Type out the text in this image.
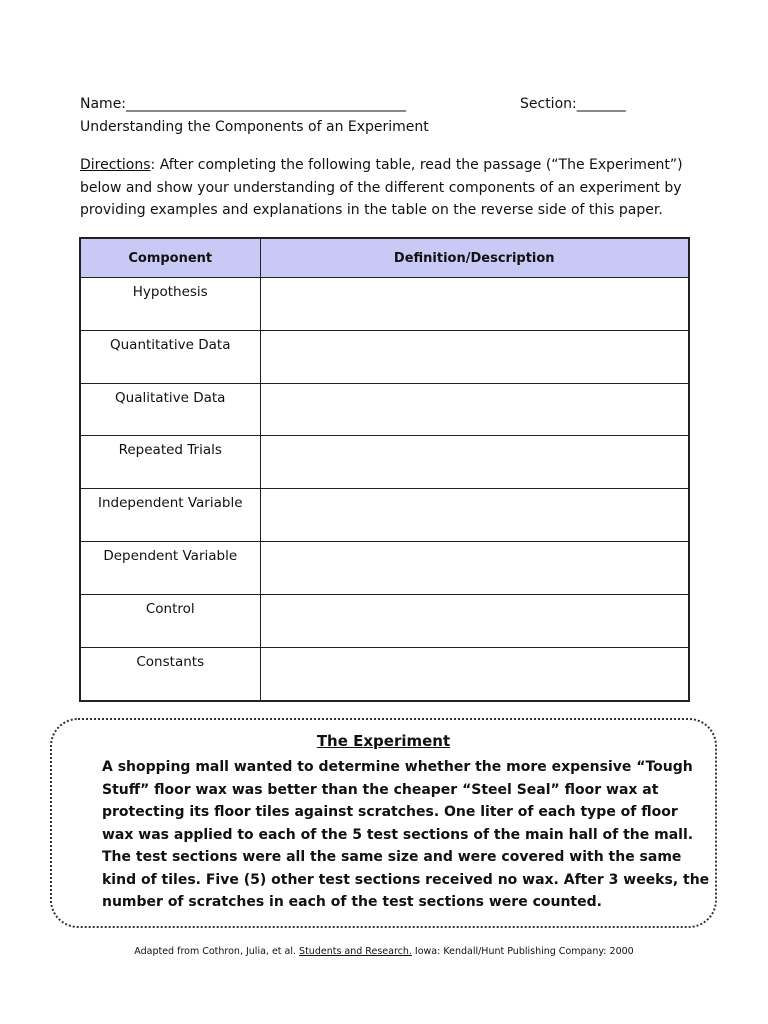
Name:________________________________________	Section:_______
Understanding the Components of an Experiment
Directions: After completing the following table, read the passage (“The Experiment”) below and show your understanding of the different components of an experiment by providing examples and explanations in the table on the reverse side of this paper.
Component	Definition/Description
Hypothesis	
Quantitative Data	
Qualitative Data	
Repeated Trials	
Independent Variable	
Dependent Variable	
Control	
Constants	
The Experiment
A shopping mall wanted to determine whether the more expensive “Tough Stuff” floor wax was better than the cheaper “Steel Seal” floor wax at protecting its floor tiles against scratches. One liter of each type of floor wax was applied to each of the 5 test sections of the main hall of the mall. The test sections were all the same size and were covered with the same kind of tiles. Five (5) other test sections received no wax. After 3 weeks, the number of scratches in each of the test sections were counted.
Adapted from Cothron, Julia, et al. Students and Research. Iowa: Kendall/Hunt Publishing Company: 2000
